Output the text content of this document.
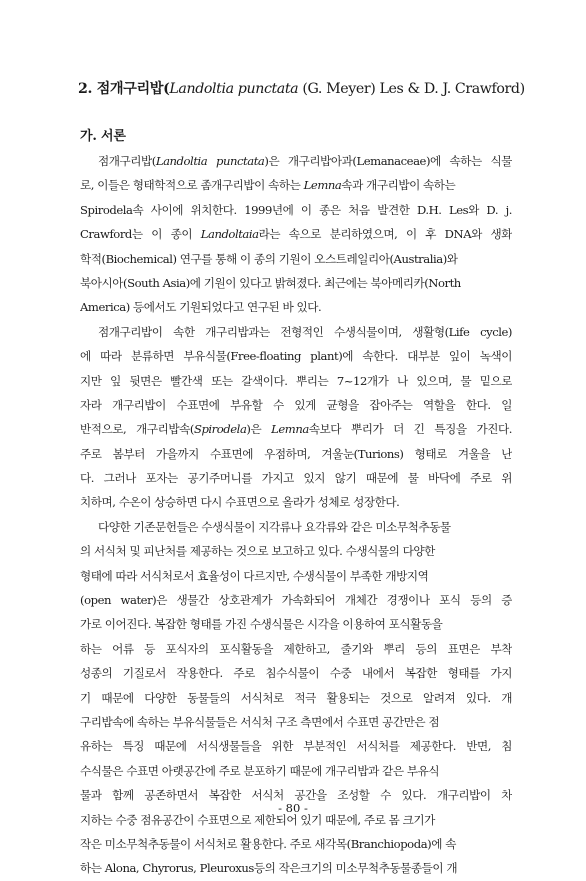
2. 점개구리밥(Landoltia punctata (G. Meyer) Les & D. J. Crawford)
가. 서론
점개구리밥(Landoltia punctata)은 개구리밥아과(Lemanaceae)에 속하는 식물
로, 이들은 형태학적으로 좀개구리밥이 속하는 Lemna속과 개구리밥이 속하는
Spirodela속 사이에 위치한다. 1999년에 이 종은 처음 발견한 D.H. Les와 D. j.
Crawford는 이 종이 Landoltaia라는 속으로 분리하였으며, 이 후 DNA와 생화
학적(Biochemical) 연구를 통해 이 종의 기원이 오스트레일리아(Australia)와
북아시아(South Asia)에 기원이 있다고 밝혀졌다. 최근에는 북아메리카(North
America) 등에서도 기원되었다고 연구된 바 있다.
점개구리밥이 속한 개구리밥과는 전형적인 수생식물이며, 생활형(Life cycle)
에 따라 분류하면 부유식물(Free-floating plant)에 속한다. 대부분 잎이 녹색이
지만 잎 뒷면은 빨간색 또는 갈색이다. 뿌리는 7~12개가 나 있으며, 물 밑으로
자라 개구리밥이 수표면에 부유할 수 있게 균형을 잡아주는 역할을 한다. 일
반적으로, 개구리밥속(Spirodela)은 Lemna속보다 뿌리가 더 긴 특징을 가진다.
주로 봄부터 가을까지 수표면에 우점하며, 겨울눈(Turions) 형태로 겨울을 난
다. 그러나 포자는 공기주머니를 가지고 있지 않기 때문에 물 바닥에 주로 위
치하며, 수온이 상승하면 다시 수표면으로 올라가 성체로 성장한다.
다양한 기존문헌들은 수생식물이 지각류나 요각류와 같은 미소무척추동물
의 서식처 및 피난처를 제공하는 것으로 보고하고 있다. 수생식물의 다양한
형태에 따라 서식처로서 효율성이 다르지만, 수생식물이 부족한 개방지역
(open water)은 생물간 상호관계가 가속화되어 개체간 경쟁이나 포식 등의 증
가로 이어진다. 복잡한 형태를 가진 수생식물은 시각을 이용하여 포식활동을
하는 어류 등 포식자의 포식활동을 제한하고, 줄기와 뿌리 등의 표면은 부착
성종의 기질로서 작용한다. 주로 침수식물이 수중 내에서 복잡한 형태를 가지
기 때문에 다양한 동물들의 서식처로 적극 활용되는 것으로 알려져 있다. 개
구리밥속에 속하는 부유식물들은 서식처 구조 측면에서 수표면 공간만은 점
유하는 특징 때문에 서식생물들을 위한 부분적인 서식처를 제공한다. 반면, 침
수식물은 수표면 아랫공간에 주로 분포하기 때문에 개구리밥과 같은 부유식
물과 함께 공존하면서 복잡한 서식처 공간을 조성할 수 있다. 개구리밥이 차
지하는 수중 점유공간이 수표면으로 제한되어 있기 때문에, 주로 몸 크기가
작은 미소무척추동물이 서식처로 활용한다. 주로 새각목(Branchiopoda)에 속
하는 Alona, Chyrorus, Pleuroxus등의 작은크기의 미소무척추동물종들이 개
- 80 -
